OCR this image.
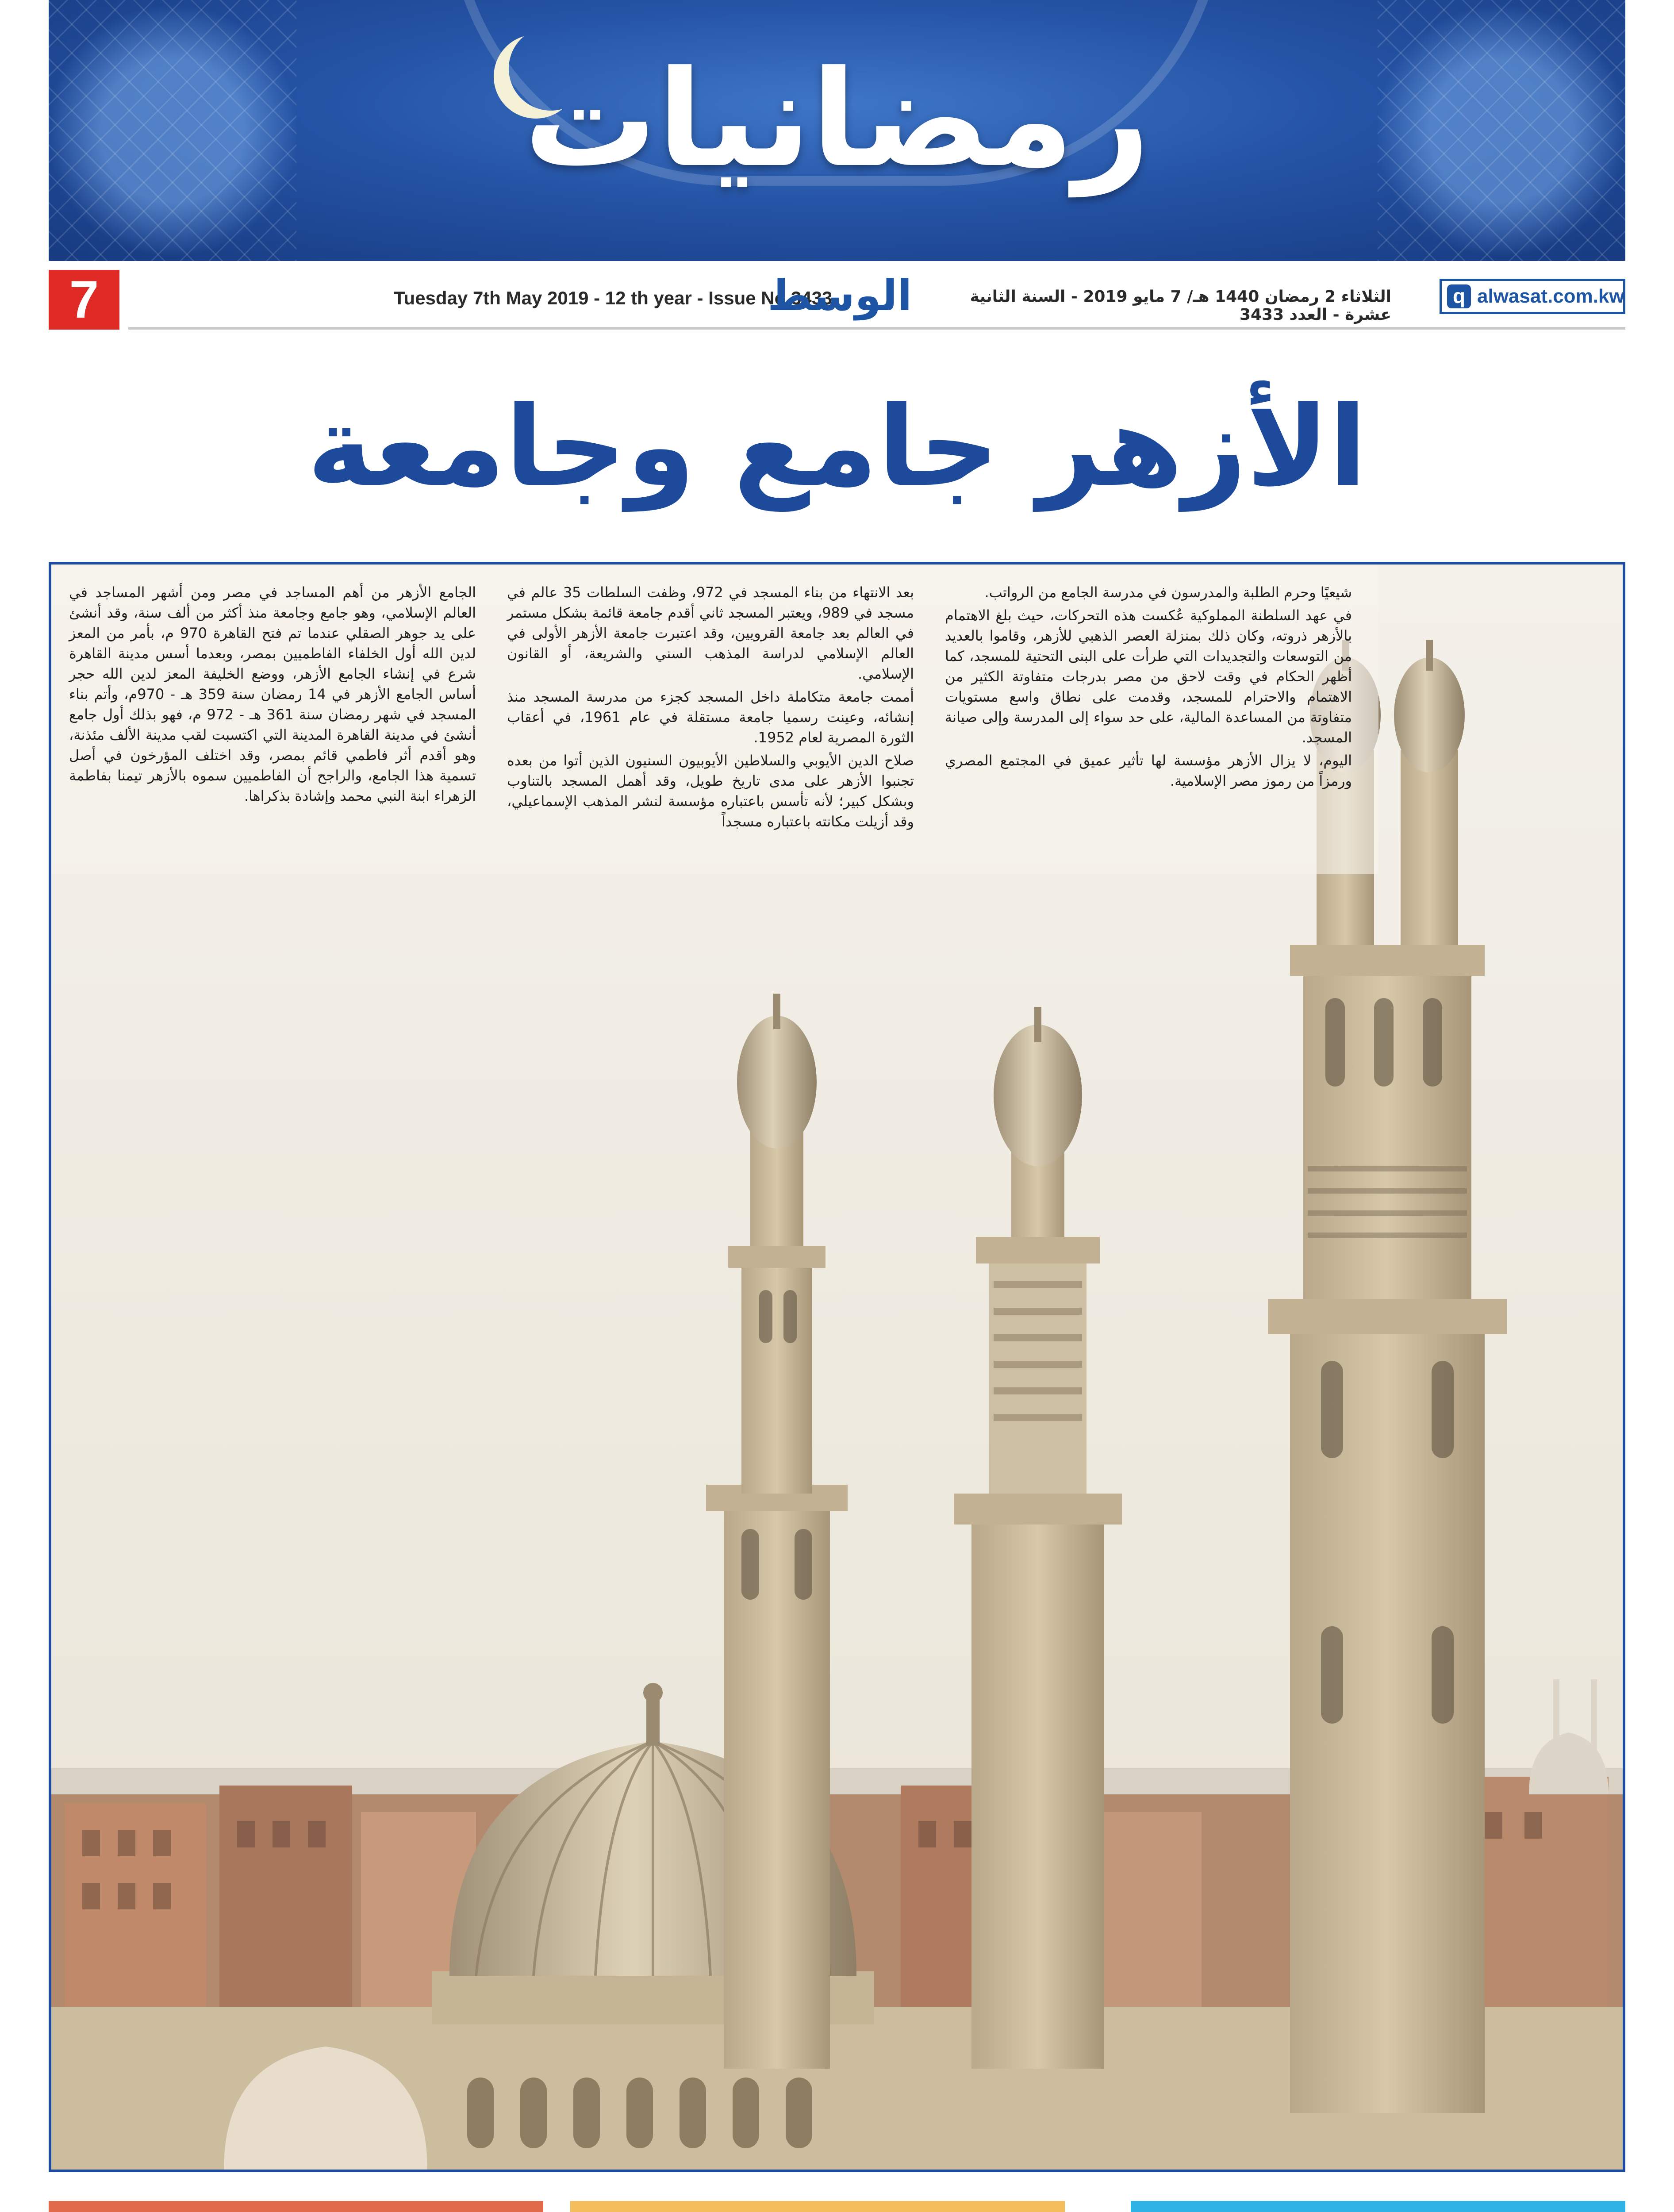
رمضانيات
7	Tuesday 7th May 2019 - 12 th year - Issue No.3433
الوسط	الثلاثاء 2 رمضان 1440 هـ/ 7 مايو 2019 - السنة الثانية عشرة - العدد 3433
q alwasat.com.kw
الأزهر جامع وجامعة

الجامع الأزهر من أهم المساجد في مصر ومن أشهر المساجد في العالم الإسلامي، وهو جامع وجامعة منذ أكثر من ألف سنة، وقد أنشئ على يد جوهر الصقلي عندما تم فتح القاهرة 970 م، بأمر من المعز لدين الله أول الخلفاء الفاطميين بمصر، وبعدما أسس مدينة القاهرة شرع في إنشاء الجامع الأزهر، ووضع الخليفة المعز لدين الله حجر أساس الجامع الأزهر في 14 رمضان سنة 359 هـ - 970م، وأتم بناء المسجد في شهر رمضان سنة 361 هـ - 972 م، فهو بذلك أول جامع أنشئ في مدينة القاهرة المدينة التي اكتسبت لقب مدينة الألف مئذنة، وهو أقدم أثر فاطمي قائم بمصر، وقد اختلف المؤرخون في أصل تسمية هذا الجامع، والراجح أن الفاطميين سموه بالأزهر تيمنا بفاطمة الزهراء ابنة النبي محمد وإشادة بذكراها.

بعد الانتهاء من بناء المسجد في 972، وظفت السلطات 35 عالم في مسجد في 989، ويعتبر المسجد ثاني أقدم جامعة قائمة بشكل مستمر في العالم بعد جامعة القرويين، وقد اعتبرت جامعة الأزهر الأولى في العالم الإسلامي لدراسة المذهب السني والشريعة، أو القانون الإسلامي.

أممت جامعة متكاملة داخل المسجد كجزء من مدرسة المسجد منذ إنشائه، وعينت رسميا جامعة مستقلة في عام 1961، في أعقاب الثورة المصرية لعام 1952.

صلاح الدين الأيوبي والسلاطين الأيوبيون السنيون الذين أتوا من بعده تجنبوا الأزهر على مدى تاريخ طويل، وقد أهمل المسجد بالتناوب وبشكل كبير؛ لأنه تأسس باعتباره مؤسسة لنشر المذهب الإسماعيلي، وقد أزيلت مكانته باعتباره مسجداً

شيعيًا وحرم الطلبة والمدرسون في مدرسة الجامع من الرواتب.

في عهد السلطنة المملوكية عُكست هذه التحركات، حيث بلغ الاهتمام بالأزهر ذروته، وكان ذلك بمنزلة العصر الذهبي للأزهر، وقاموا بالعديد من التوسعات والتجديدات التي طرأت على البنى التحتية للمسجد، كما أظهر الحكام في وقت لاحق من مصر بدرجات متفاوتة الكثير من الاهتمام والاحترام للمسجد، وقدمت على نطاق واسع مستويات متفاوتة من المساعدة المالية، على حد سواء إلى المدرسة وإلى صيانة المسجد.

اليوم، لا يزال الأزهر مؤسسة لها تأثير عميق في المجتمع المصري ورمزاً من رموز مصر الإسلامية.
